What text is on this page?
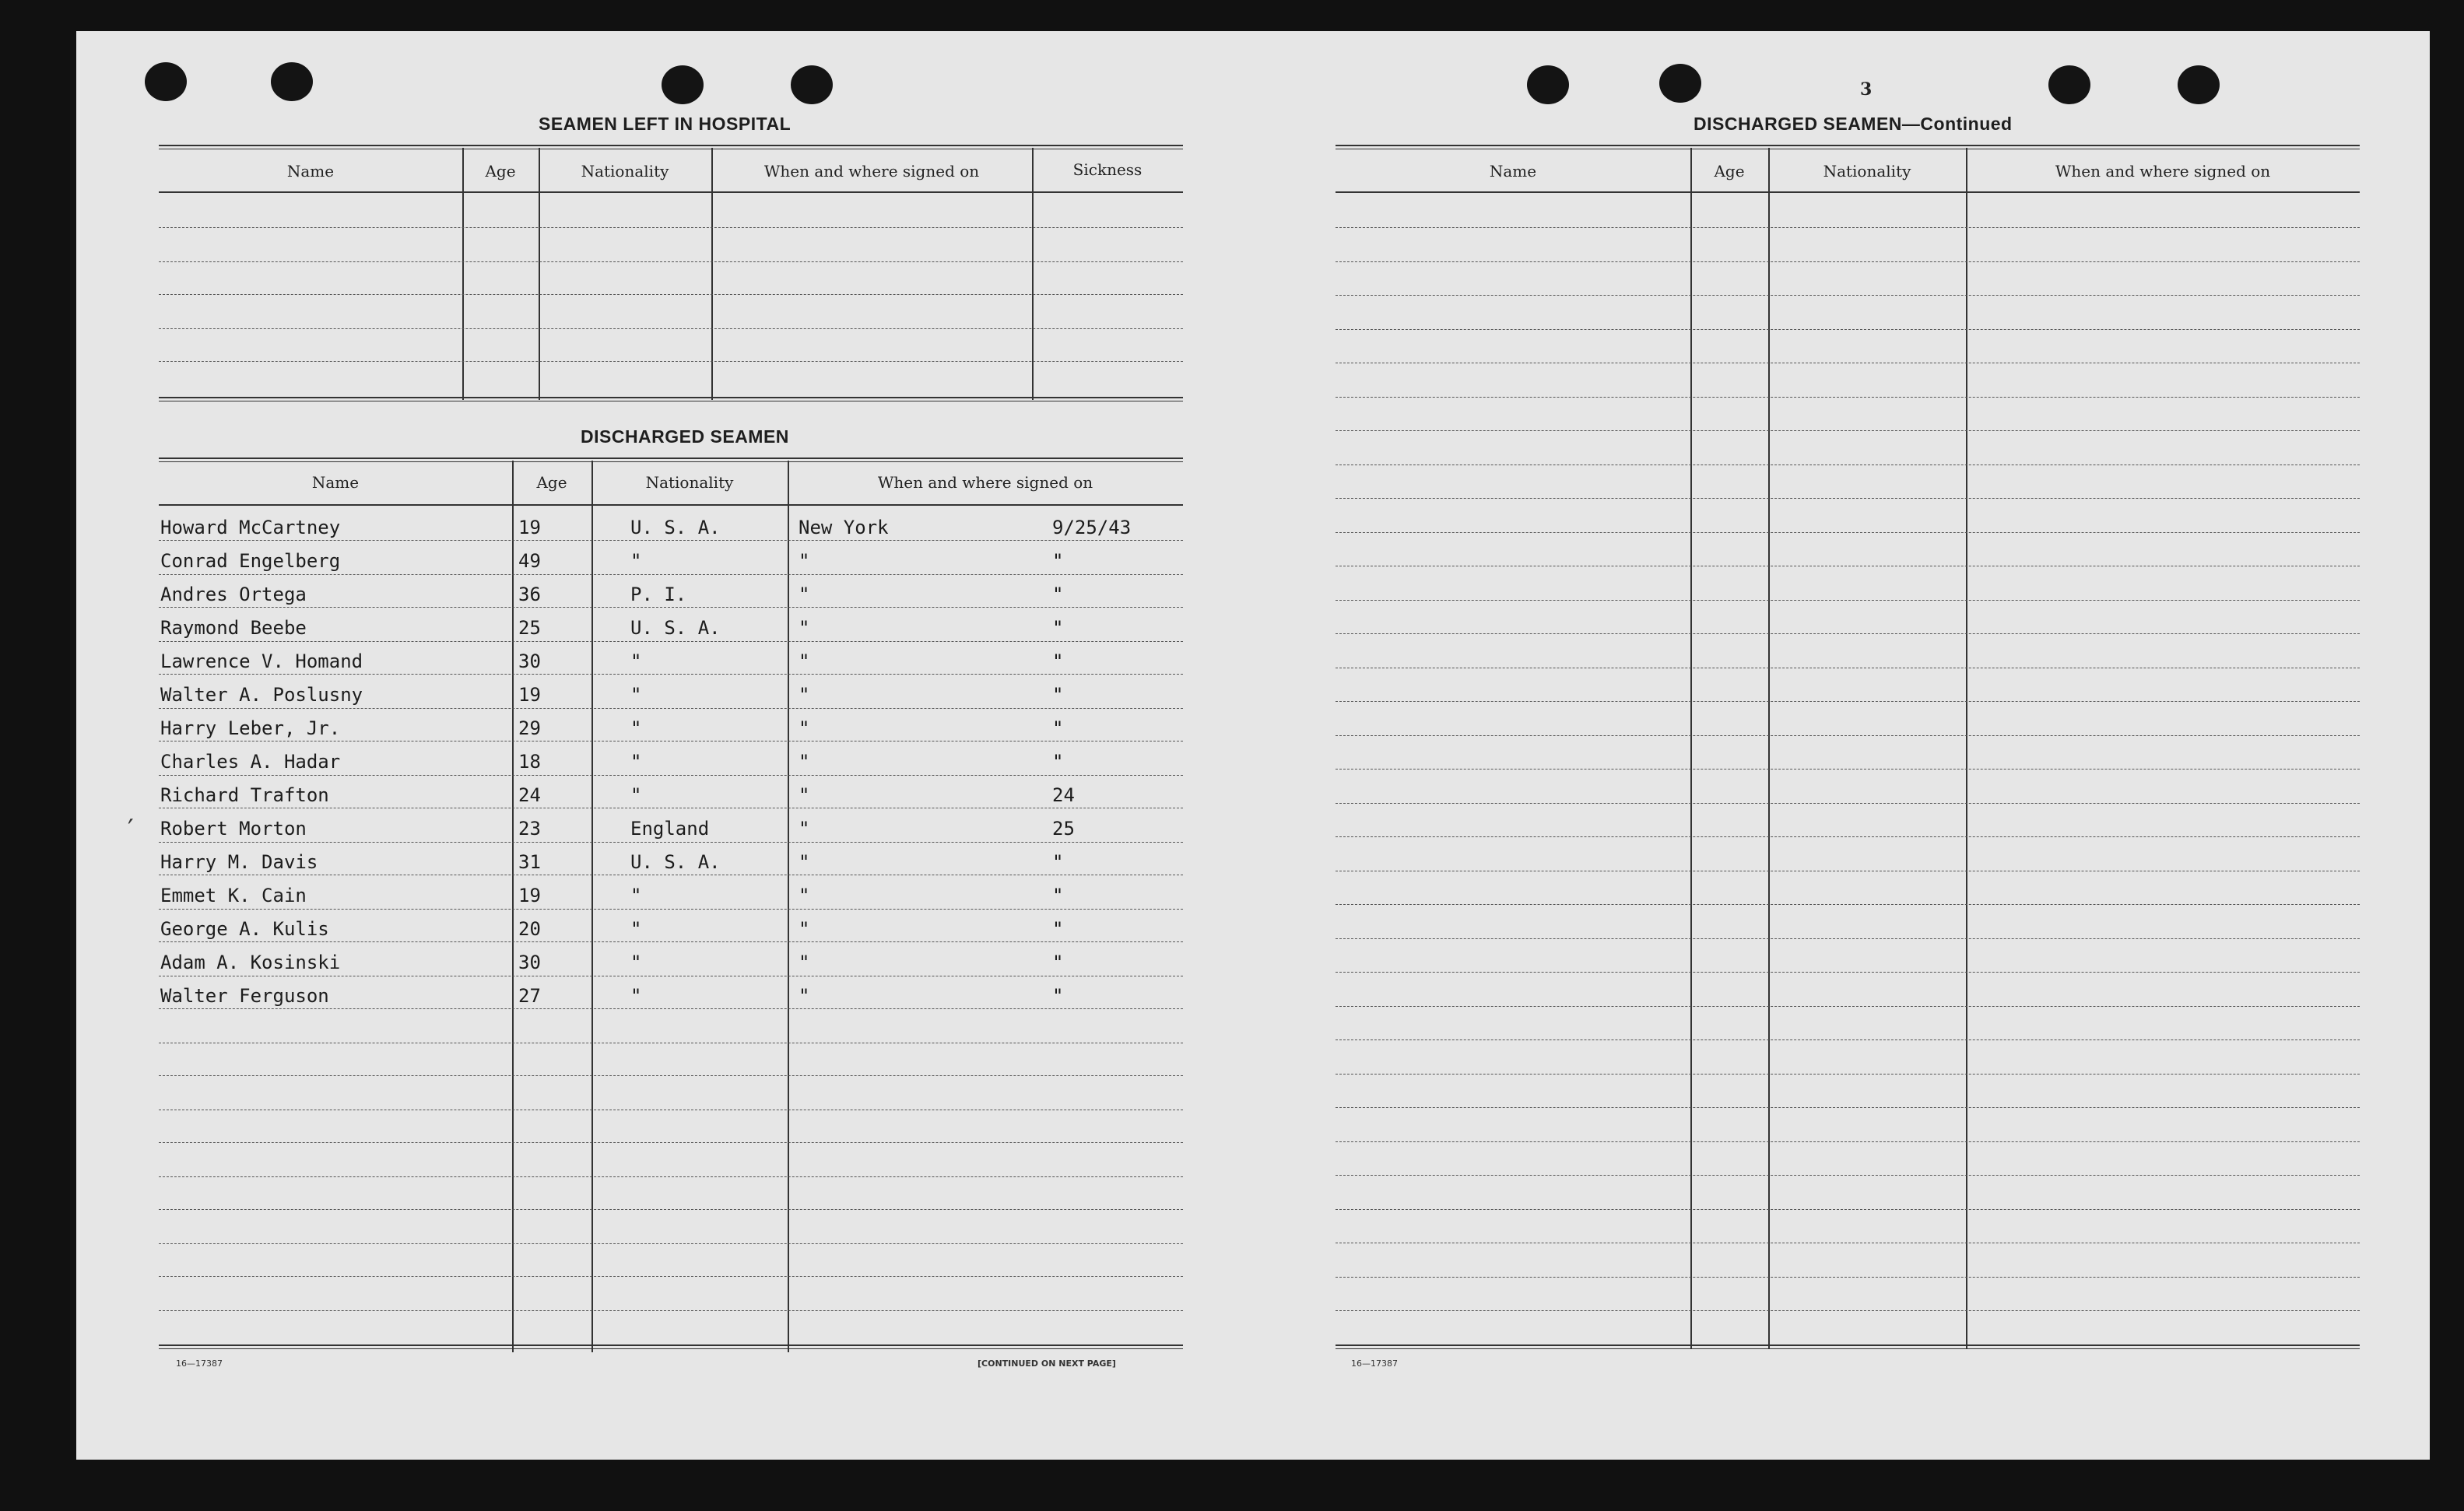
3
SEAMEN LEFT IN HOSPITAL
Name	Age	Nationality	When and where signed on	Sickness
DISCHARGED SEAMEN
Name	Age	Nationality	When and where signed on
Howard McCartney	19	U. S. A.	New York	9/25/43
Conrad Engelberg	49	"	"	"
Andres Ortega	36	P. I.	"	"
Raymond Beebe	25	U. S. A.	"	"
Lawrence V. Homand	30	"	"	"
Walter A. Poslusny	19	"	"	"
Harry Leber, Jr.	29	"	"	"
Charles A. Hadar	18	"	"	"
Richard Trafton	24	"	"	24
Robert Morton	23	England	"	25
Harry M. Davis	31	U. S. A.	"	"
Emmet K. Cain	19	"	"	"
George A. Kulis	20	"	"	"
Adam A. Kosinski	30	"	"	"
Walter Ferguson	27	"	"	"
′
16—17387	[CONTINUED ON NEXT PAGE]
DISCHARGED SEAMEN—Continued
Name	Age	Nationality	When and where signed on
16—17387
